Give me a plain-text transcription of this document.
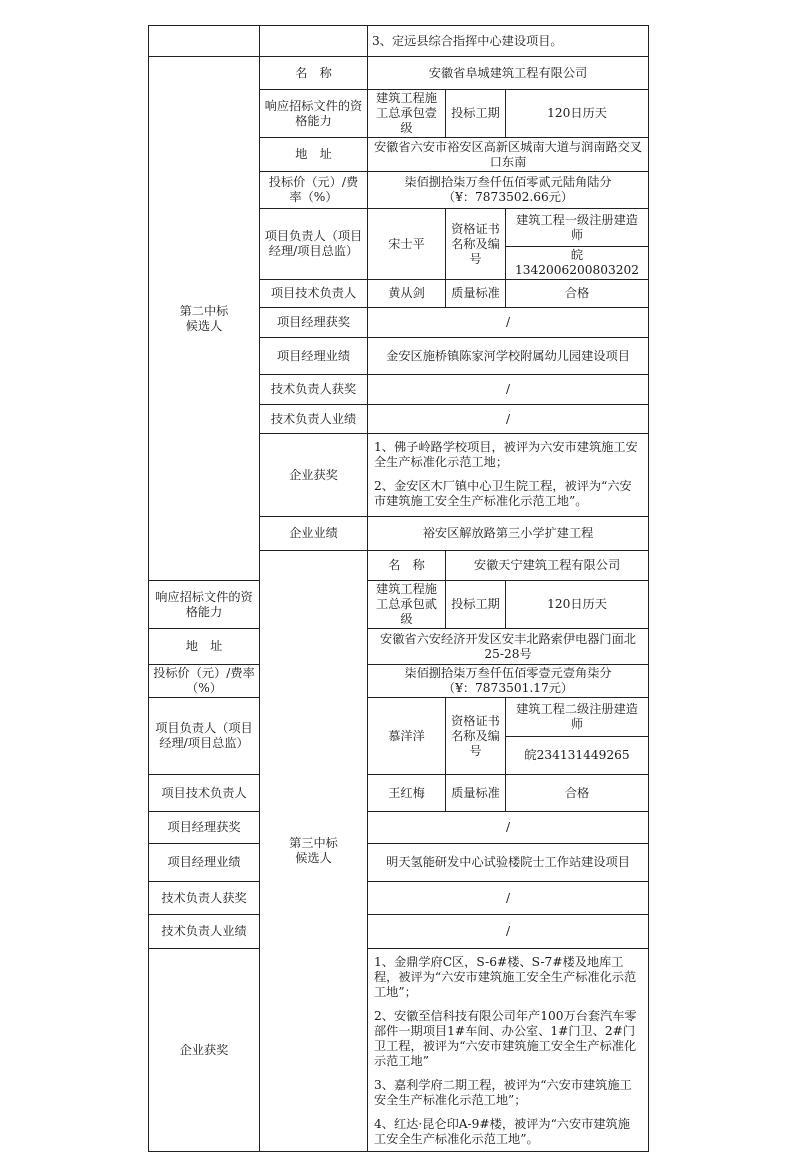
		3、定远县综合指挥中心建设项目。		
第二中标候选人	名　称	安徽省阜城建筑工程有限公司		
	响应招标文件的资格能力	建筑工程施工总承包壹级	投标工期	120日历天
	地　址	安徽省六安市裕安区高新区城南大道与润南路交叉口东南		
	投标价（元）/费率（%）	柒佰捌拾柒万叁仟伍佰零贰元陆角陆分
（¥：7873502.66元）		

	项目负责人（项目经理/项目总监）	宋士平	资格证书名称及编号	建筑工程一级注册建造师
				皖1342006200803202
	项目技术负责人	黄从剑	质量标准	合格
	项目经理获奖	/		
	项目经理业绩	金安区施桥镇陈家河学校附属幼儿园建设项目		
	技术负责人获奖	/		
	技术负责人业绩	/		
	企业获奖	1、佛子岭路学校项目，被评为六安市建筑施工安全生产标准化示范工地；
2、金安区木厂镇中心卫生院工程，被评为“六安市建筑施工安全生产标准化示范工地”。		

	企业业绩	裕安区解放路第三小学扩建工程		
	第三中标候选人	名　称	安徽天宁建筑工程有限公司	
响应招标文件的资格能力		建筑工程施工总承包贰级	投标工期	120日历天
地　址		安徽省六安经济开发区安丰北路索伊电器门面北25-28号		
投标价（元）/费率（%）		柒佰捌拾柒万叁仟伍佰零壹元壹角柒分
（¥：7873501.17元）		

项目负责人（项目经理/项目总监）		慕洋洋	资格证书名称及编号	建筑工程二级注册建造师
				皖234131449265
项目技术负责人		王红梅	质量标准	合格
项目经理获奖		/		
项目经理业绩		明天氢能研发中心试验楼院士工作站建设项目		
技术负责人获奖		/		
技术负责人业绩		/		
企业获奖		1、金鼎学府C区，S-6#楼、S-7#楼及地库工程，被评为“六安市建筑施工安全生产标准化示范工地”；
2、安徽至信科技有限公司年产100万台套汽车零部件一期项目1#车间、办公室、1#门卫、2#门卫工程，被评为“六安市建筑施工安全生产标准化示范工地”
3、嘉利学府二期工程，被评为“六安市建筑施工安全生产标准化示范工地”；
4、红达·昆仑印A-9#楼，被评为“六安市建筑施工安全生产标准化示范工地”。		
